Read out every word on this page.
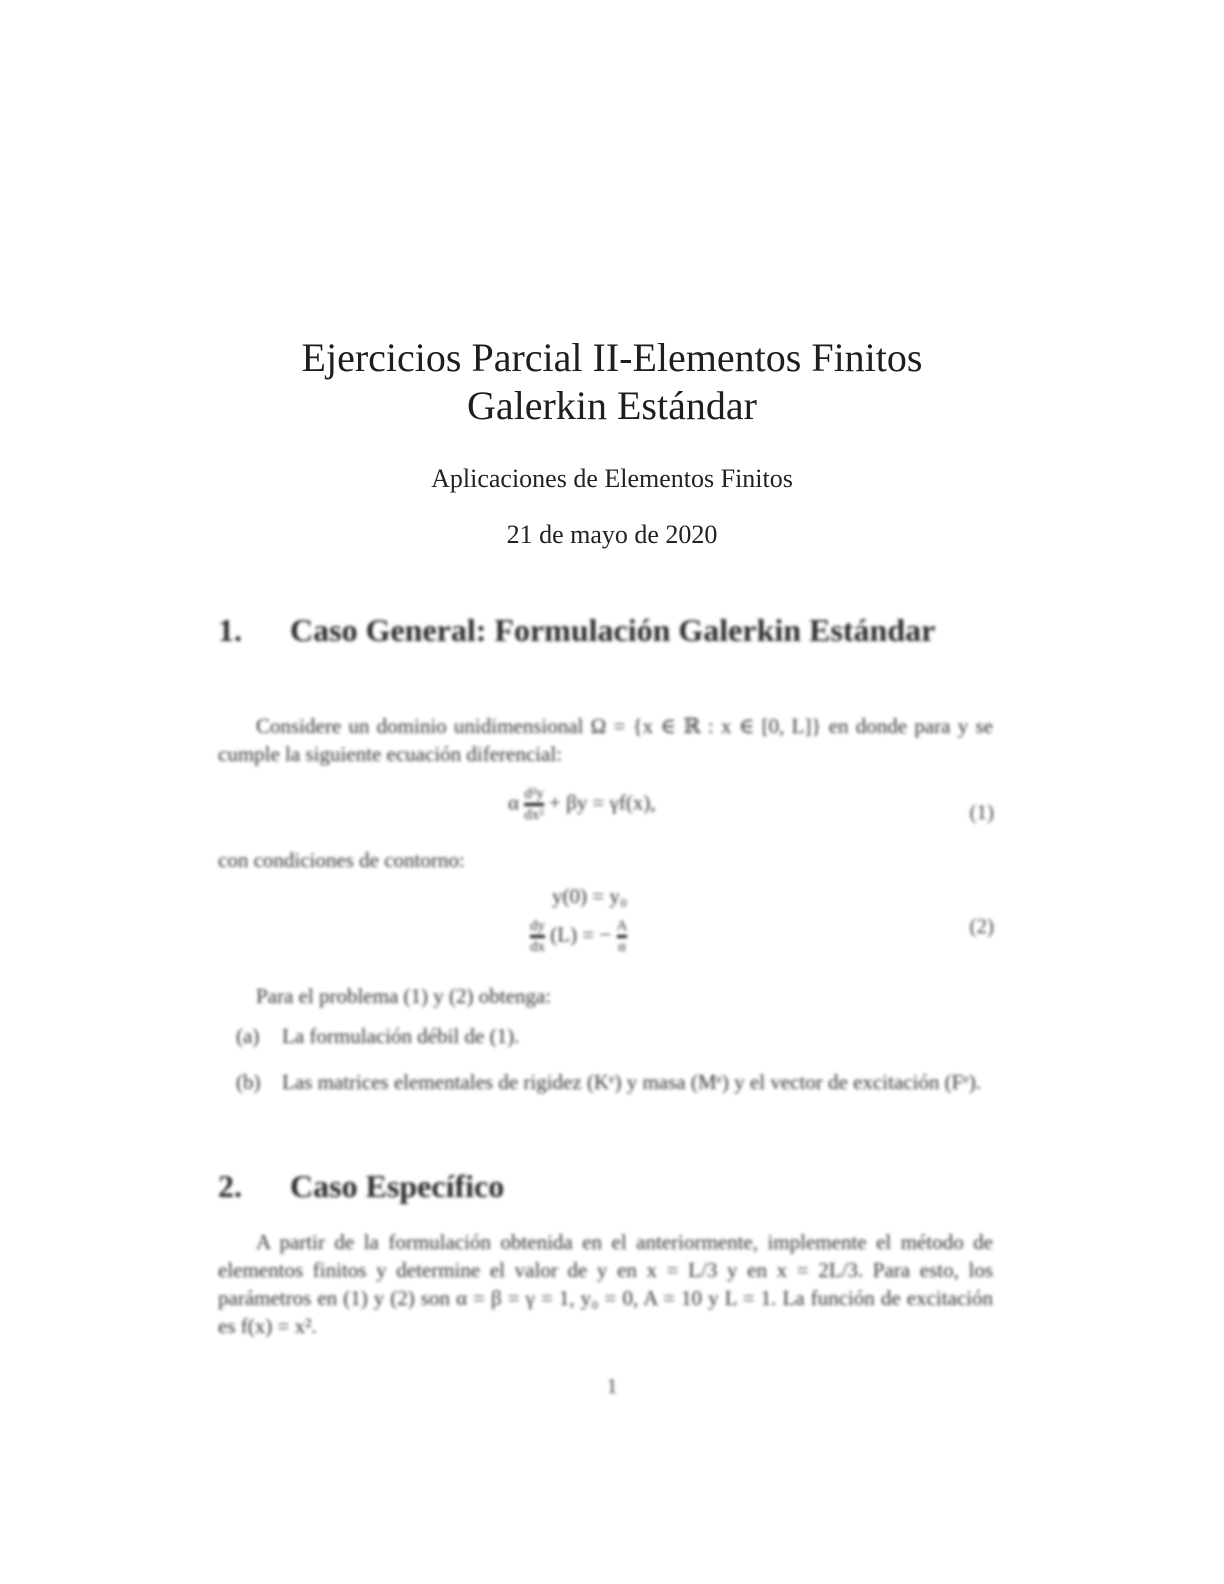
Ejercicios Parcial II-Elementos Finitos
Galerkin Estándar
Aplicaciones de Elementos Finitos
21 de mayo de 2020
1. Caso General: Formulación Galerkin Estándar
Considere un dominio unidimensional Ω = {x ∈ ℝ : x ∈ [0, L]} en donde para y se cumple la siguiente ecuación diferencial:
α $\frac{\text{d²y}}{\text{dx²}} + \beta y = \gamma f(x)$,	(1)
con condiciones de contorno:
y(0) = y₀
$\frac{dy}{dx} (L)$ = − $\frac{A}{\alpha}$	(2)
Para el problema (1) y (2) obtenga:
(a) La formulación débil de (1).
(b) Las matrices elementales de rigidez (Kᵉ) y masa (Mᵉ) y el vector de excitación (Fᵉ).
2. Caso Específico
A partir de la formulación obtenida en el anteriormente, implemente el método de elementos finitos y determine el valor de y en x = L/3 y en x = 2L/3. Para esto, los parámetros en (1) y (2) son α = β = γ = 1, y₀ = 0, A = 10 y L = 1. La función de excitación es f(x) = x².
1
